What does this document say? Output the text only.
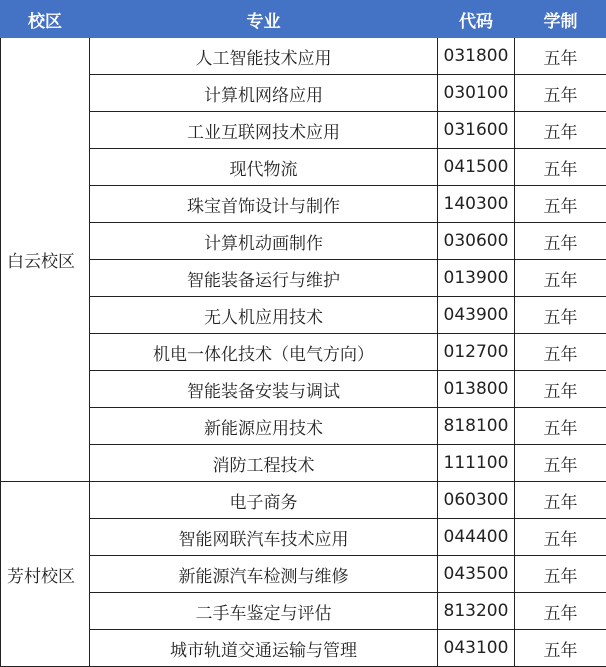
校区	专业	代码	学制
白云校区	人工智能技术应用	031800	五年
	计算机网络应用	030100	五年
	工业互联网技术应用	031600	五年
	现代物流	041500	五年
	珠宝首饰设计与制作	140300	五年
	计算机动画制作	030600	五年
	智能装备运行与维护	013900	五年
	无人机应用技术	043900	五年
	机电一体化技术（电气方向）	012700	五年
	智能装备安装与调试	013800	五年
	新能源应用技术	818100	五年
	消防工程技术	111100	五年
芳村校区	电子商务	060300	五年
	智能网联汽车技术应用	044400	五年
	新能源汽车检测与维修	043500	五年
	二手车鉴定与评估	813200	五年
	城市轨道交通运输与管理	043100	五年
